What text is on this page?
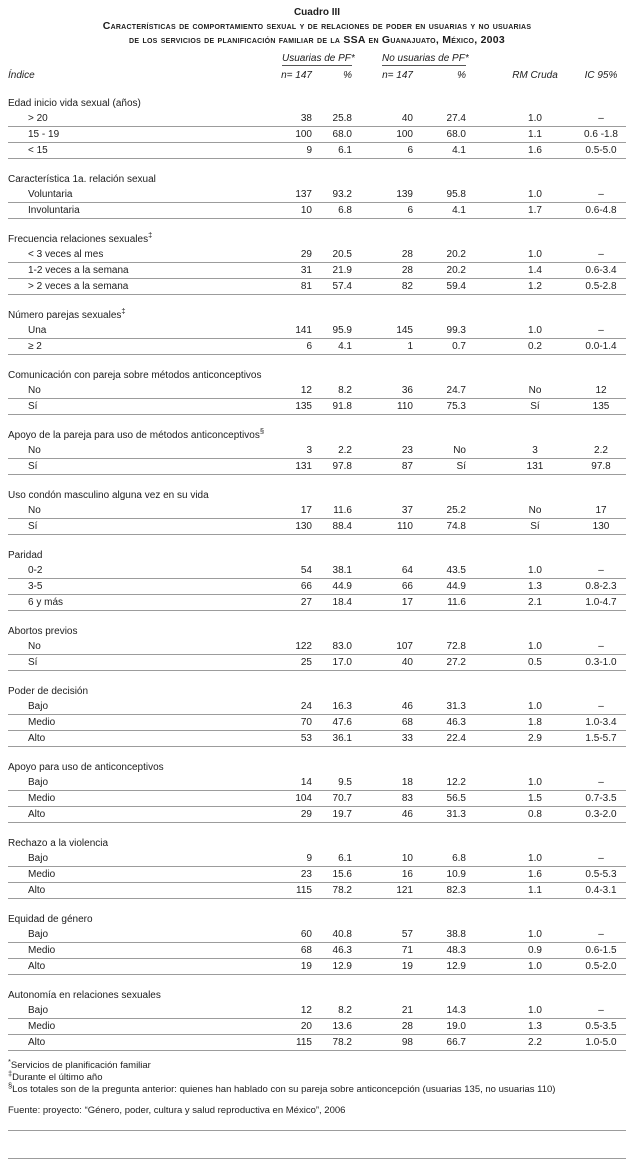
Cuadro III
Características de comportamiento sexual y de relaciones de poder en usuarias y no usuarias
de los servicios de planificación familiar de la SSA en Guanajuato, México, 2003
Usuarias de PF*	No usuarias de PF*
Índice	n= 147	%	n= 147	%	RM Cruda	IC 95%
Edad inicio vida sexual (años)
> 20	38	25.8	40	27.4	1.0	–
15 - 19	100	68.0	100	68.0	1.1	0.6 -1.8
< 15	9	6.1	6	4.1	1.6	0.5-5.0
Característica 1a. relación sexual
Voluntaria	137	93.2	139	95.8	1.0	–
Involuntaria	10	6.8	6	4.1	1.7	0.6-4.8
Frecuencia relaciones sexuales‡
< 3 veces al mes	29	20.5	28	20.2	1.0	–
1-2 veces a la semana	31	21.9	28	20.2	1.4	0.6-3.4
> 2 veces a la semana	81	57.4	82	59.4	1.2	0.5-2.8
Número parejas sexuales‡
Una	141	95.9	145	99.3	1.0	–
≥ 2	6	4.1	1	0.7	0.2	0.0-1.4
Comunicación con pareja sobre métodos anticonceptivos
No	12	8.2	36	24.7	No	12
Sí	135	91.8	110	75.3	Sí	135
Apoyo de la pareja para uso de métodos anticonceptivos§
No	3	2.2	23	No	3	2.2
Sí	131	97.8	87	Sí	131	97.8
Uso condón masculino alguna vez en su vida
No	17	11.6	37	25.2	No	17
Sí	130	88.4	110	74.8	Sí	130
Paridad
0-2	54	38.1	64	43.5	1.0	–
3-5	66	44.9	66	44.9	1.3	0.8-2.3
6 y más	27	18.4	17	11.6	2.1	1.0-4.7
Abortos previos
No	122	83.0	107	72.8	1.0	–
Sí	25	17.0	40	27.2	0.5	0.3-1.0
Poder de decisión
Bajo	24	16.3	46	31.3	1.0	–
Medio	70	47.6	68	46.3	1.8	1.0-3.4
Alto	53	36.1	33	22.4	2.9	1.5-5.7
Apoyo para uso de anticonceptivos
Bajo	14	9.5	18	12.2	1.0	–
Medio	104	70.7	83	56.5	1.5	0.7-3.5
Alto	29	19.7	46	31.3	0.8	0.3-2.0
Rechazo a la violencia
Bajo	9	6.1	10	6.8	1.0	–
Medio	23	15.6	16	10.9	1.6	0.5-5.3
Alto	115	78.2	121	82.3	1.1	0.4-3.1
Equidad de género
Bajo	60	40.8	57	38.8	1.0	–
Medio	68	46.3	71	48.3	0.9	0.6-1.5
Alto	19	12.9	19	12.9	1.0	0.5-2.0
Autonomía en relaciones sexuales
Bajo	12	8.2	21	14.3	1.0	–
Medio	20	13.6	28	19.0	1.3	0.5-3.5
Alto	115	78.2	98	66.7	2.2	1.0-5.0
*Servicios de planificación familiar
‡Durante el último año
§Los totales son de la pregunta anterior: quienes han hablado con su pareja sobre anticoncepción (usuarias 135, no usuarias 110)
Fuente: proyecto: “Género, poder, cultura y salud reproductiva en México”, 2006
